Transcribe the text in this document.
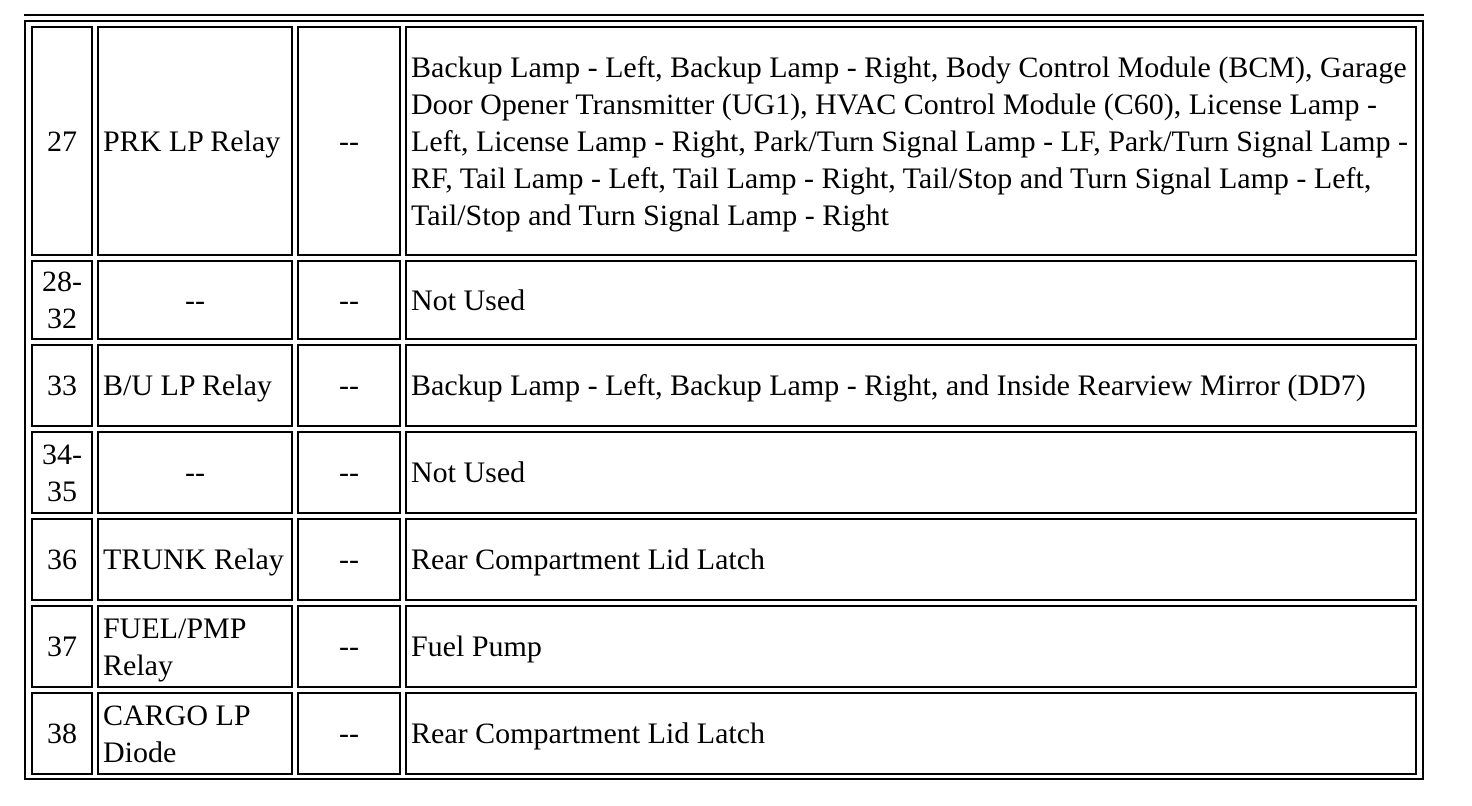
27	PRK LP Relay	--	Backup Lamp - Left, Backup Lamp - Right, Body Control Module (BCM), Garage Door Opener Transmitter (UG1), HVAC Control Module (C60), License Lamp - Left, License Lamp - Right, Park/Turn Signal Lamp - LF, Park/Turn Signal Lamp - RF, Tail Lamp - Left, Tail Lamp - Right, Tail/Stop and Turn Signal Lamp - Left, Tail/Stop and Turn Signal Lamp - Right
28-32	--	--	Not Used
33	B/U LP Relay	--	Backup Lamp - Left, Backup Lamp - Right, and Inside Rearview Mirror (DD7)
34-35	--	--	Not Used
36	TRUNK Relay	--	Rear Compartment Lid Latch
37	FUEL/PMP Relay	--	Fuel Pump
38	CARGO LP Diode	--	Rear Compartment Lid Latch
